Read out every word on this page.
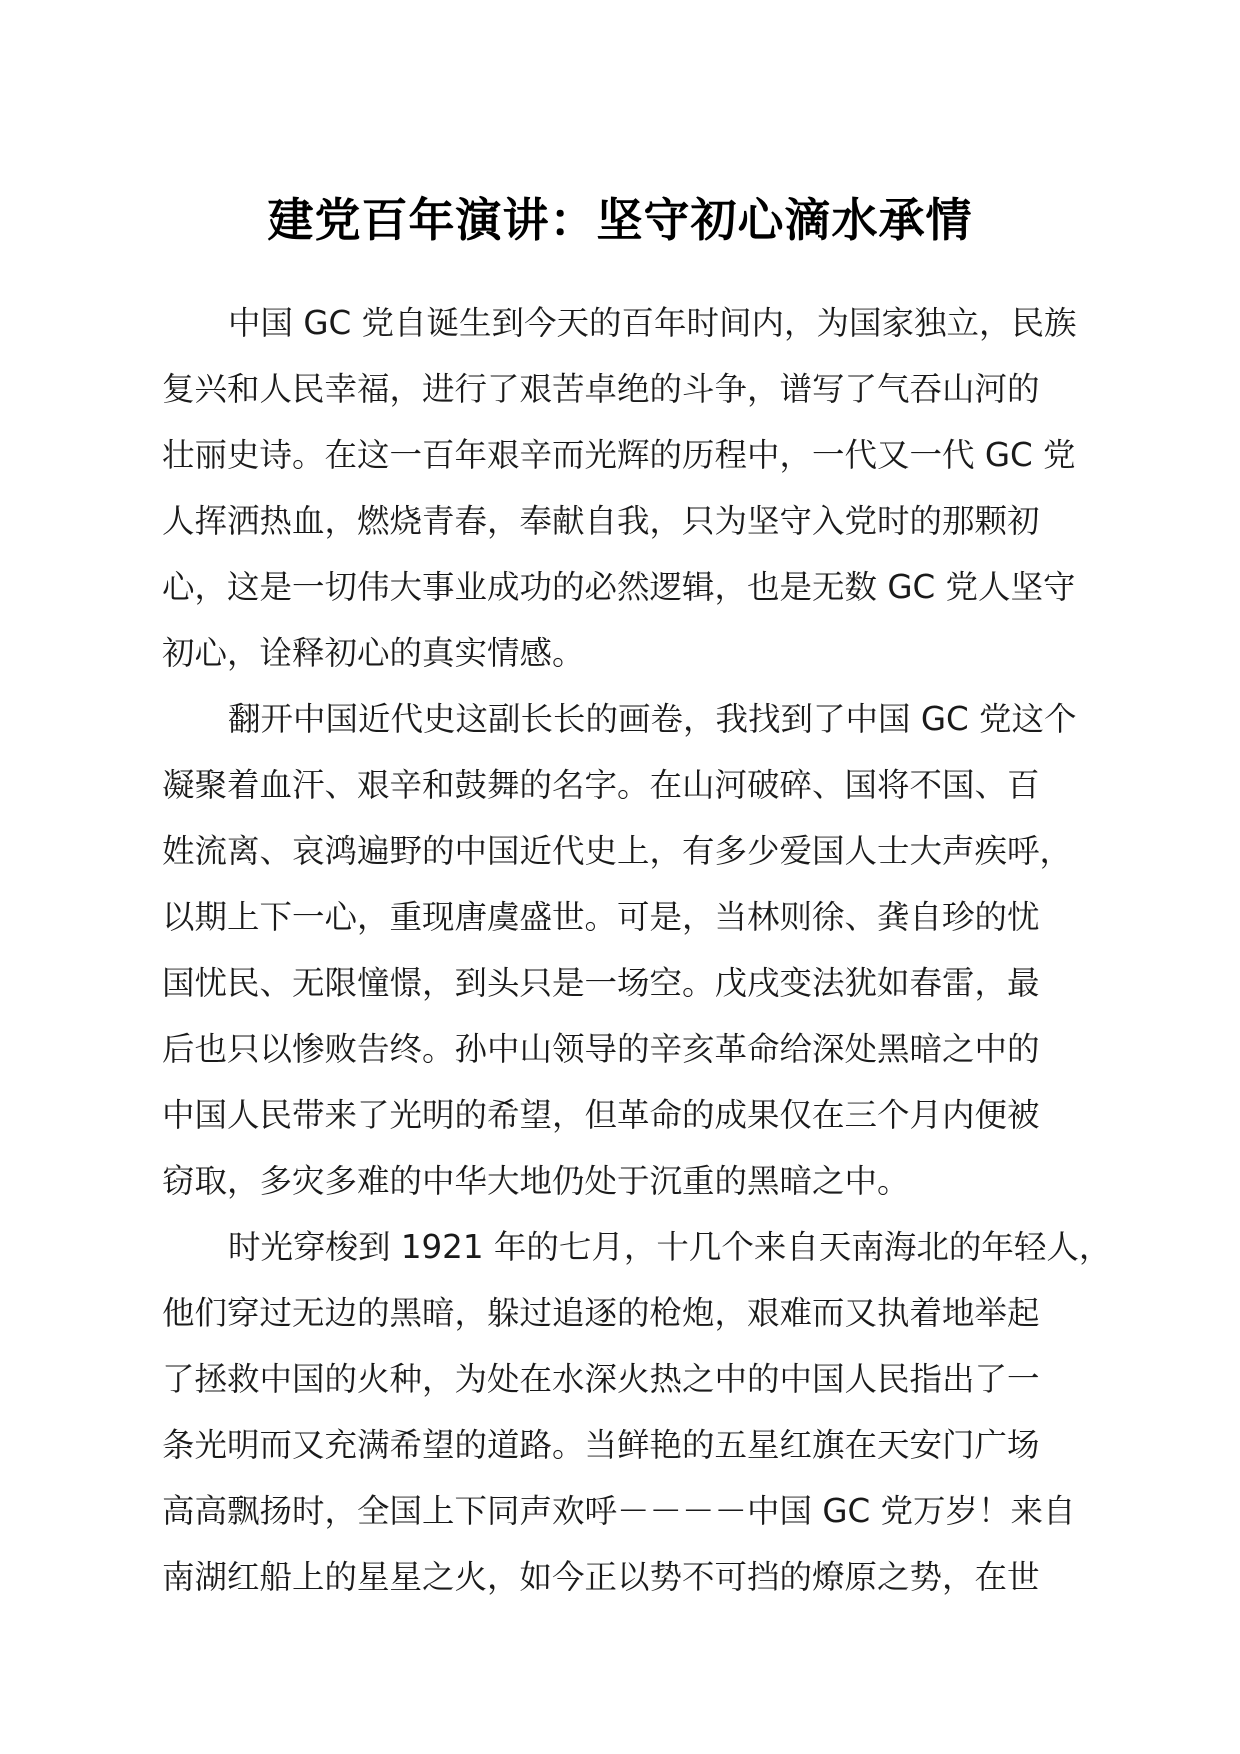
建党百年演讲：坚守初心滴水承情
中国 GC 党自诞生到今天的百年时间内，为国家独立，民族
复兴和人民幸福，进行了艰苦卓绝的斗争，谱写了气吞山河的
壮丽史诗。在这一百年艰辛而光辉的历程中，一代又一代 GC 党
人挥洒热血，燃烧青春，奉献自我，只为坚守入党时的那颗初
心，这是一切伟大事业成功的必然逻辑，也是无数 GC 党人坚守
初心，诠释初心的真实情感。
翻开中国近代史这副长长的画卷，我找到了中国 GC 党这个
凝聚着血汗、艰辛和鼓舞的名字。在山河破碎、国将不国、百
姓流离、哀鸿遍野的中国近代史上，有多少爱国人士大声疾呼，
以期上下一心，重现唐虞盛世。可是，当林则徐、龚自珍的忧
国忧民、无限憧憬，到头只是一场空。戊戌变法犹如春雷，最
后也只以惨败告终。孙中山领导的辛亥革命给深处黑暗之中的
中国人民带来了光明的希望，但革命的成果仅在三个月内便被
窃取，多灾多难的中华大地仍处于沉重的黑暗之中。
时光穿梭到 1921 年的七月，十几个来自天南海北的年轻人，
他们穿过无边的黑暗，躲过追逐的枪炮，艰难而又执着地举起
了拯救中国的火种，为处在水深火热之中的中国人民指出了一
条光明而又充满希望的道路。当鲜艳的五星红旗在天安门广场
高高飘扬时，全国上下同声欢呼－－－－中国 GC 党万岁！来自
南湖红船上的星星之火，如今正以势不可挡的燎原之势，在世
